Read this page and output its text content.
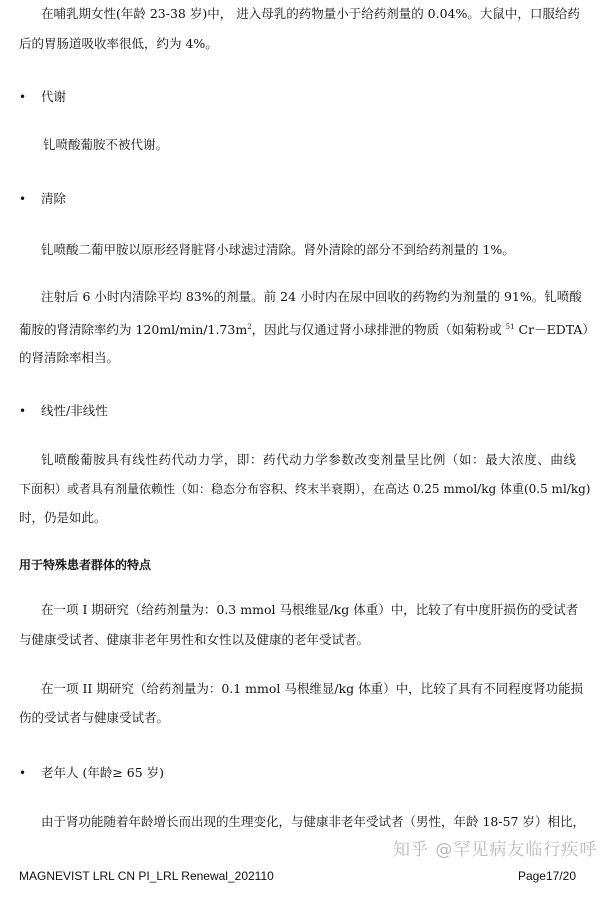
在哺乳期女性(年龄 23-38 岁)中， 进入母乳的药物量小于给药剂量的 0.04%。大鼠中，口服给药
后的胃肠道吸收率很低，约为 4%。
• 代谢
钆喷酸葡胺不被代谢。
• 清除
钆喷酸二葡甲胺以原形经肾脏肾小球滤过清除。肾外清除的部分不到给药剂量的 1%。
注射后 6 小时内清除平均 83%的剂量。前 24 小时内在尿中回收的药物约为剂量的 91%。钆喷酸
葡胺的肾清除率约为 $120ml/\min/1.73m^2$，因此与仅通过肾小球排泄的物质（如菊粉或 $^{51}$ Cr－EDTA）
的肾清除率相当。
• 线性/非线性
钆喷酸葡胺具有线性药代动力学，即：药代动力学参数改变剂量呈比例（如：最大浓度、曲线
下面积）或者具有剂量依赖性（如：稳态分布容积、终末半衰期），在高达 0.25 mmol/kg 体重(0.5 ml/kg)
时，仍是如此。
用于特殊患者群体的特点
在一项 I 期研究（给药剂量为：0.3 mmol 马根维显/kg 体重）中，比较了有中度肝损伤的受试者
与健康受试者、健康非老年男性和女性以及健康的老年受试者。
在一项 II 期研究（给药剂量为：0.1 mmol 马根维显/kg 体重）中，比较了具有不同程度肾功能损
伤的受试者与健康受试者。
• 老年人 (年龄≥ 65 岁)
由于肾功能随着年龄增长而出现的生理变化，与健康非老年受试者（男性，年龄 18-57 岁）相比，
知乎 @罕见病友临行疾呼
MAGNEVIST LRL CN PI_LRL Renewal_202110	Page17/20
